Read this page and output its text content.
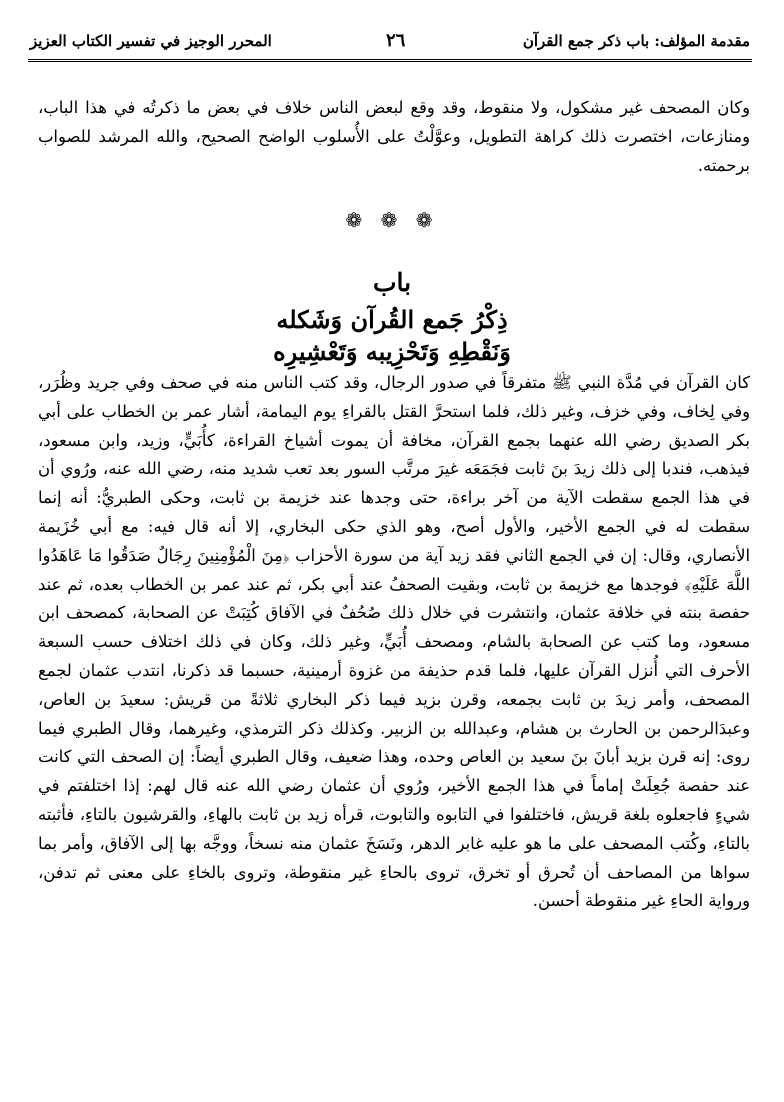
مقدمة المؤلف: باب ذكر جمع القرآن
٢٦
المحرر الوجيز في تفسير الكتاب العزيز
وكان المصحف غير مشكول، ولا منقوط، وقد وقع لبعض الناس خلاف في بعض ما ذكرتُه في هذا الباب، ومنازعات، اختصرت ذلك كراهة التطويل، وعوَّلْتُ على الأُسلوب الواضح الصحيح، والله المرشد للصواب برحمته.
❁ ❁ ❁
باب
ذِكْرُ جَمع القُرآن وَشَكله
وَنَقْطِهِ وَتَحْزِيبه وَتَعْشِيرِه
كان القرآن في مُدَّة النبي ﷺ متفرقاً في صدور الرجال، وقد كتب الناس منه في صحف وفي جريد وظُرَر، وفي لِخاف، وفي خزف، وغير ذلك، فلما استحرَّ القتل بالقراءِ يوم اليمامة، أشار عمر بن الخطاب على أبي بكر الصديق رضي الله عنهما بجمع القرآن، مخافة أن يموت أشياخ القراءة، كأُبَيٍّ، وزيد، وابن مسعود، فيذهب، فندبا إلى ذلك زيدَ بنَ ثابت فجَمَعَه غيرَ مرتَّب السور بعد تعب شديد منه، رضي الله عنه، ورُوي أن في هذا الجمع سقطت الآية من آخر براءة، حتى وجدها عند خزيمة بن ثابت، وحكى الطبريُّ: أنه إنما سقطت له في الجمع الأخير، والأول أصح، وهو الذي حكى البخاري، إلا أنه قال فيه: مع أبي خُزَيمة الأنصاري، وقال: إن في الجمع الثاني فقد زيد آية من سورة الأحزاب ﴿مِنَ الْمُؤْمِنِينَ رِجَالٌ صَدَقُوا مَا عَاهَدُوا اللَّهَ عَلَيْهِ﴾ فوجدها مع خزيمة بن ثابت، وبقيت الصحفُ عند أبي بكر، ثم عند عمر بن الخطاب بعده، ثم عند حفصة بنته في خلافة عثمان، وانتشرت في خلال ذلك صُحُفٌ في الآفاق كُتِبَتْ عن الصحابة، كمصحف ابن مسعود، وما كتب عن الصحابة بالشام، ومصحف أُبَيٍّ، وغير ذلك، وكان في ذلك اختلاف حسب السبعة الأحرف التي أُنزل القرآن عليها، فلما قدم حذيفة من غزوة أرمينية، حسبما قد ذكرنا، انتدب عثمان لجمع المصحف، وأمر زيدَ بن ثابت بجمعه، وقرن بزيد فيما ذكر البخاري ثلاثةً من قريش: سعيدَ بن العاص، وعبدَالرحمن بن الحارث بن هشام، وعبدالله بن الزبير. وكذلك ذكر الترمذي، وغيرهما، وقال الطبري فيما روى: إنه قرن بزيد أبانَ بنَ سعيد بن العاص وحده، وهذا ضعيف، وقال الطبري أيضاً: إن الصحف التي كانت عند حفصة جُعِلَتْ إماماً في هذا الجمع الأخير، ورُوي أن عثمان رضي الله عنه قال لهم: إذا اختلفتم في شيءٍ فاجعلوه بلغة قريش، فاختلفوا في التابوه والتابوت، قرأه زيد بن ثابت بالهاءِ، والقرشيون بالتاءِ، فأثبته بالتاءِ، وكُتب المصحف على ما هو عليه غابر الدهر، ونَسَخَ عثمان منه نسخاً، ووجَّه بها إلى الآفاق، وأمر بما سواها من المصاحف أن تُحرق أو تخرق، تروى بالحاءِ غير منقوطة، وتروى بالخاءِ على معنى ثم تدفن، ورواية الحاءِ غير منقوطة أحسن.
